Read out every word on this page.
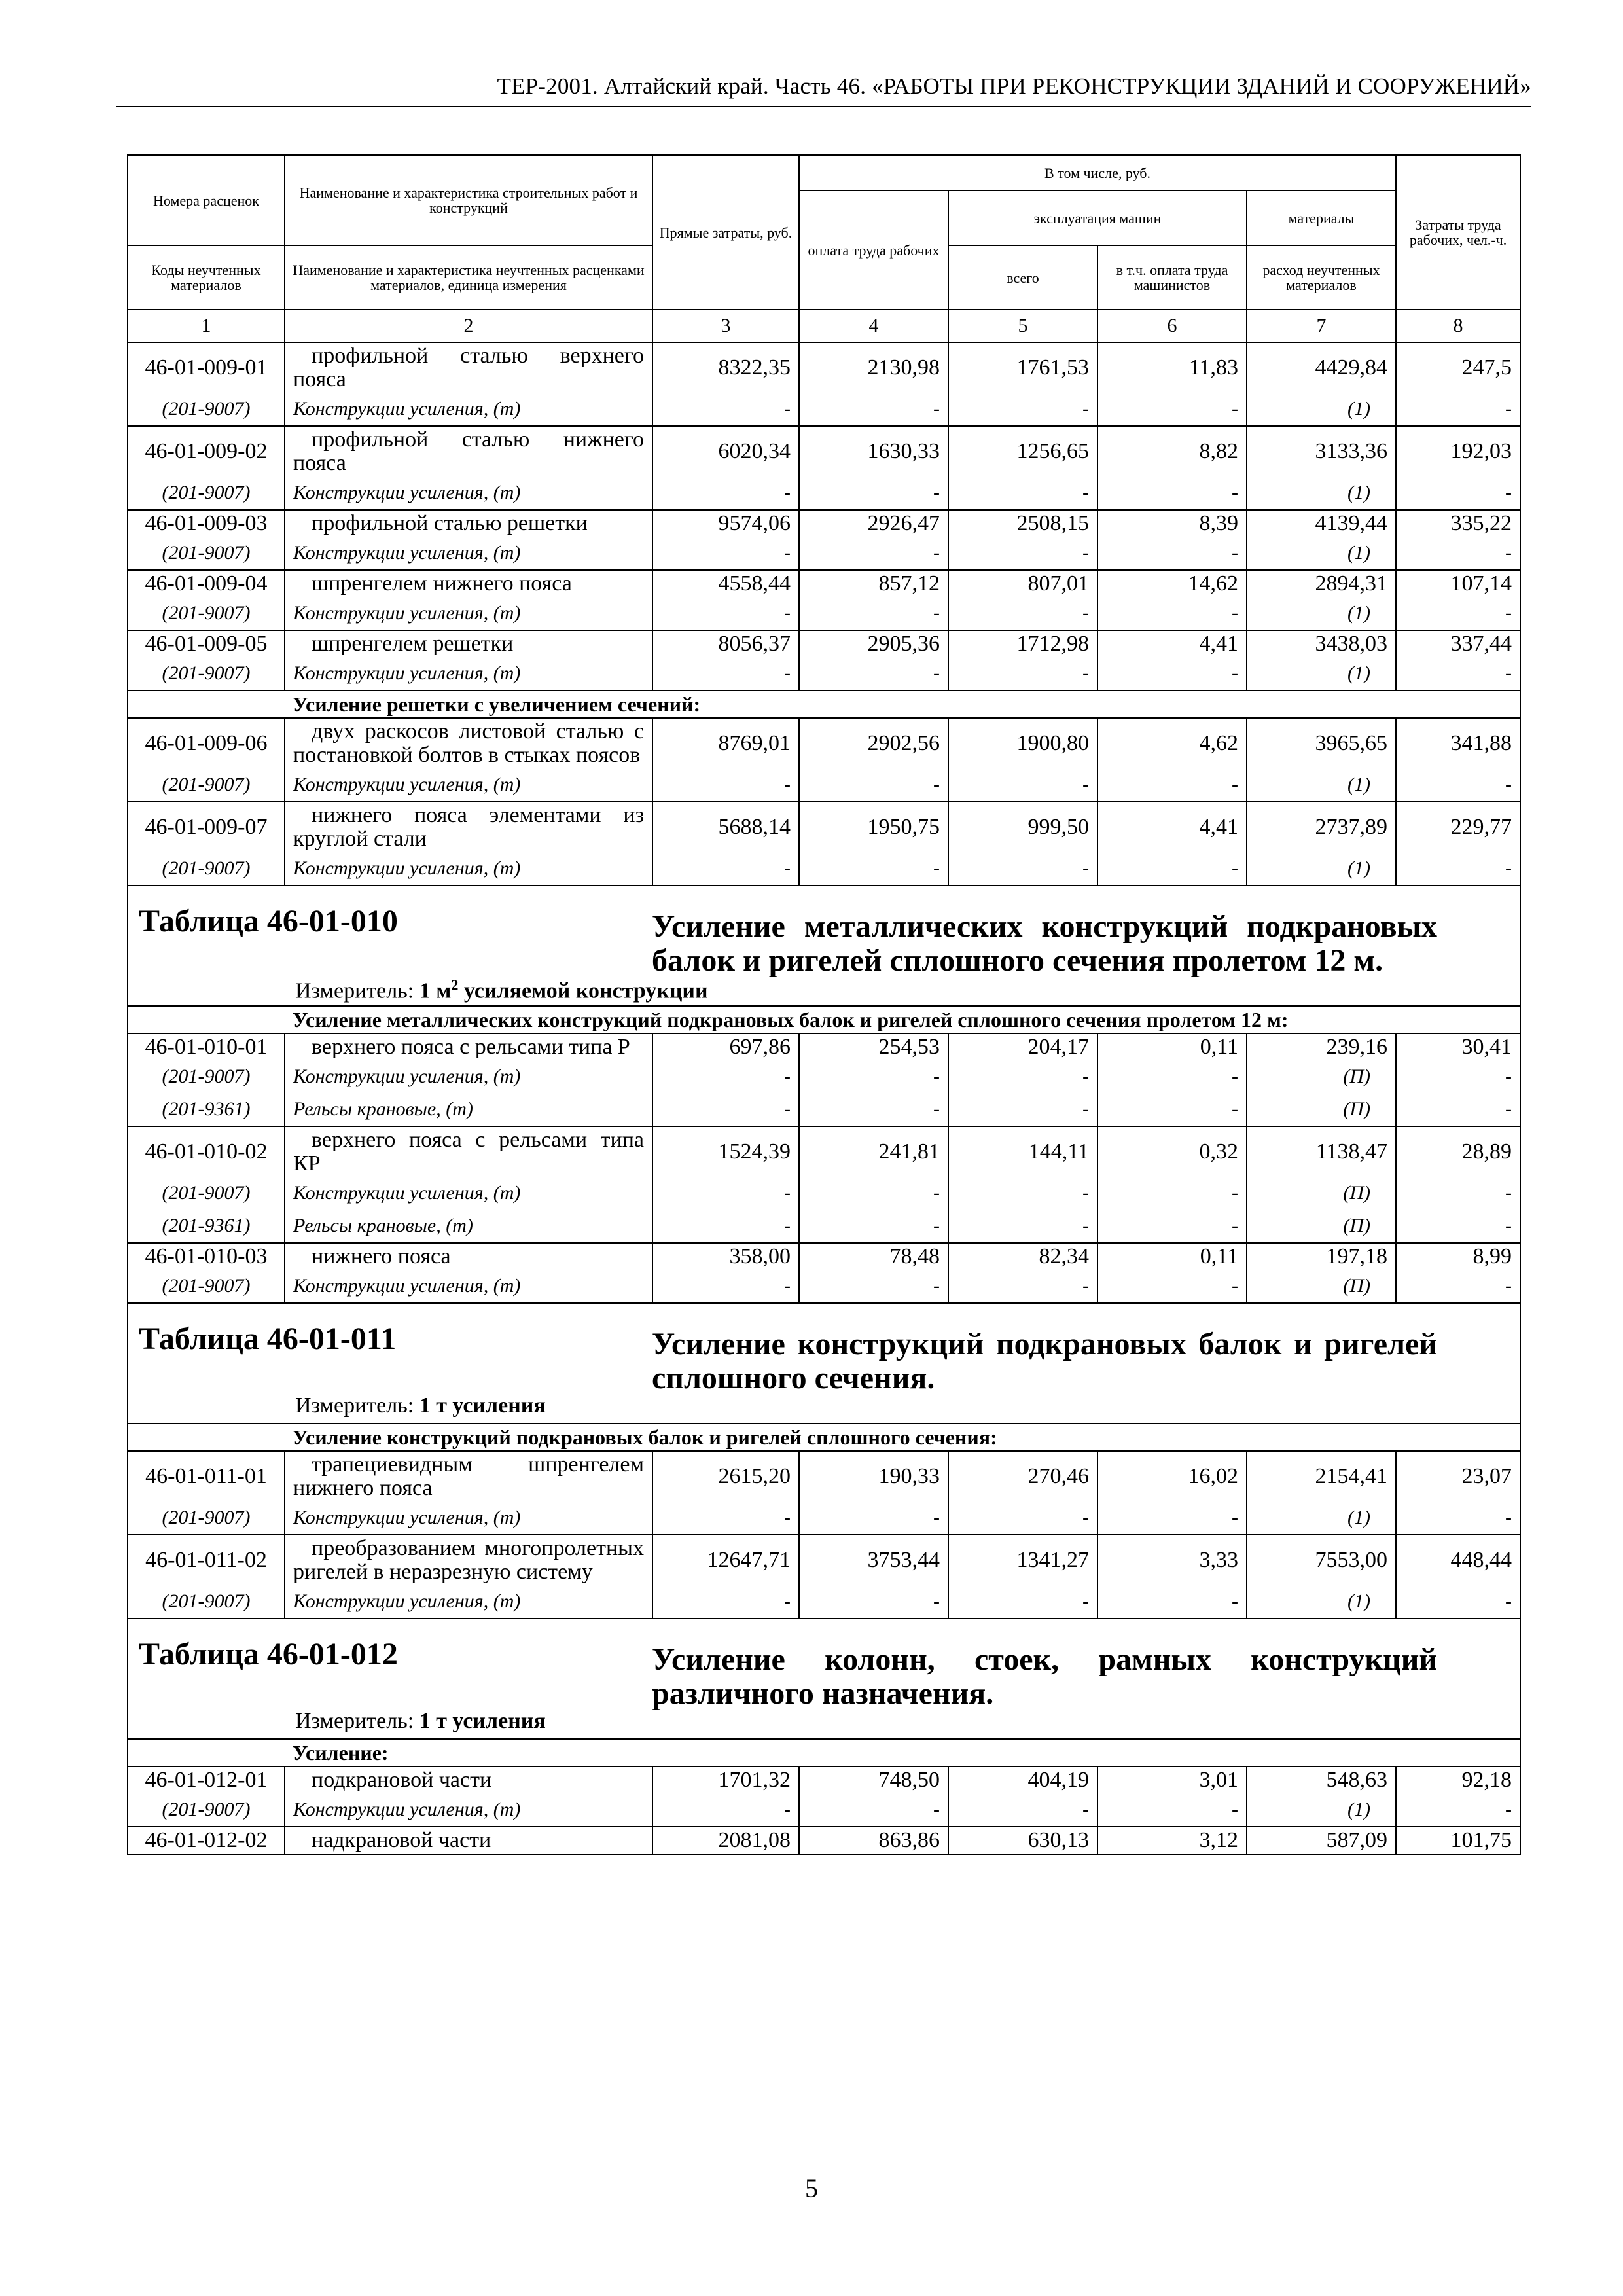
ТЕР-2001. Алтайский край. Часть 46. «РАБОТЫ ПРИ РЕКОНСТРУКЦИИ ЗДАНИЙ И СООРУЖЕНИЙ»
Номера расценок	Наименование и характеристика строительных работ и конструкций	Прямые затраты, руб.	В том числе, руб.				Затраты труда рабочих, чел.-ч.
			оплата труда рабочих	эксплуатация машин		материалы	
Коды неучтенных материалов	Наименование и характеристика неучтенных расценками материалов, единица измерения			всего	в т.ч. оплата труда машинистов	расход неучтенных материалов	
1	2	3	4	5	6	7	8
46-01-009-01	профильной сталью верхнего пояса	8322,35	2130,98	1761,53	11,83	4429,84	247,5
(201-9007)	Конструкции усиления, (т)	-	-	-	-	(1)	-
46-01-009-02	профильной сталью нижнего пояса	6020,34	1630,33	1256,65	8,82	3133,36	192,03
(201-9007)	Конструкции усиления, (т)	-	-	-	-	(1)	-
46-01-009-03	профильной сталью решетки	9574,06	2926,47	2508,15	8,39	4139,44	335,22
(201-9007)	Конструкции усиления, (т)	-	-	-	-	(1)	-
46-01-009-04	шпренгелем нижнего пояса	4558,44	857,12	807,01	14,62	2894,31	107,14
(201-9007)	Конструкции усиления, (т)	-	-	-	-	(1)	-
46-01-009-05	шпренгелем решетки	8056,37	2905,36	1712,98	4,41	3438,03	337,44
(201-9007)	Конструкции усиления, (т)	-	-	-	-	(1)	-
	Усиление решетки с увеличением сечений:						
46-01-009-06	двух раскосов листовой сталью с постановкой болтов в стыках поясов	8769,01	2902,56	1900,80	4,62	3965,65	341,88
(201-9007)	Конструкции усиления, (т)	-	-	-	-	(1)	-
46-01-009-07	нижнего пояса элементами из круглой стали	5688,14	1950,75	999,50	4,41	2737,89	229,77
(201-9007)	Конструкции усиления, (т)	-	-	-	-	(1)	-

Таблица 46-01-010 Усиление металлических конструкций подкрановых балок и ригелей сплошного сечения пролетом 12 м.							

Измеритель: 1 $м^2$ усиляемой конструкции							
	Усиление металлических конструкций подкрановых балок и ригелей сплошного сечения пролетом 12 м:						
46-01-010-01	верхнего пояса с рельсами типа Р	697,86	254,53	204,17	0,11	239,16	30,41
(201-9007)	Конструкции усиления, (т)	-	-	-	-	(П)	-
(201-9361)	Рельсы крановые, (т)	-	-	-	-	(П)	-
46-01-010-02	верхнего пояса с рельсами типа КР	1524,39	241,81	144,11	0,32	1138,47	28,89
(201-9007)	Конструкции усиления, (т)	-	-	-	-	(П)	-
(201-9361)	Рельсы крановые, (т)	-	-	-	-	(П)	-
46-01-010-03	нижнего пояса	358,00	78,48	82,34	0,11	197,18	8,99
(201-9007)	Конструкции усиления, (т)	-	-	-	-	(П)	-

Таблица 46-01-011 Усиление конструкций подкрановых балок и ригелей сплошного сечения.							

Измеритель: 1 т усиления							
	Усиление конструкций подкрановых балок и ригелей сплошного сечения:						
46-01-011-01	трапециевидным шпренгелем нижнего пояса	2615,20	190,33	270,46	16,02	2154,41	23,07
(201-9007)	Конструкции усиления, (т)	-	-	-	-	(1)	-
46-01-011-02	преобразованием многопролетных ригелей в неразрезную систему	12647,71	3753,44	1341,27	3,33	7553,00	448,44
(201-9007)	Конструкции усиления, (т)	-	-	-	-	(1)	-

Таблица 46-01-012 Усиление колонн, стоек, рамных конструкций различного назначения.							

Измеритель: 1 т усиления							
	Усиление:						
46-01-012-01	подкрановой части	1701,32	748,50	404,19	3,01	548,63	92,18
(201-9007)	Конструкции усиления, (т)	-	-	-	-	(1)	-
46-01-012-02	надкрановой части	2081,08	863,86	630,13	3,12	587,09	101,75
5
